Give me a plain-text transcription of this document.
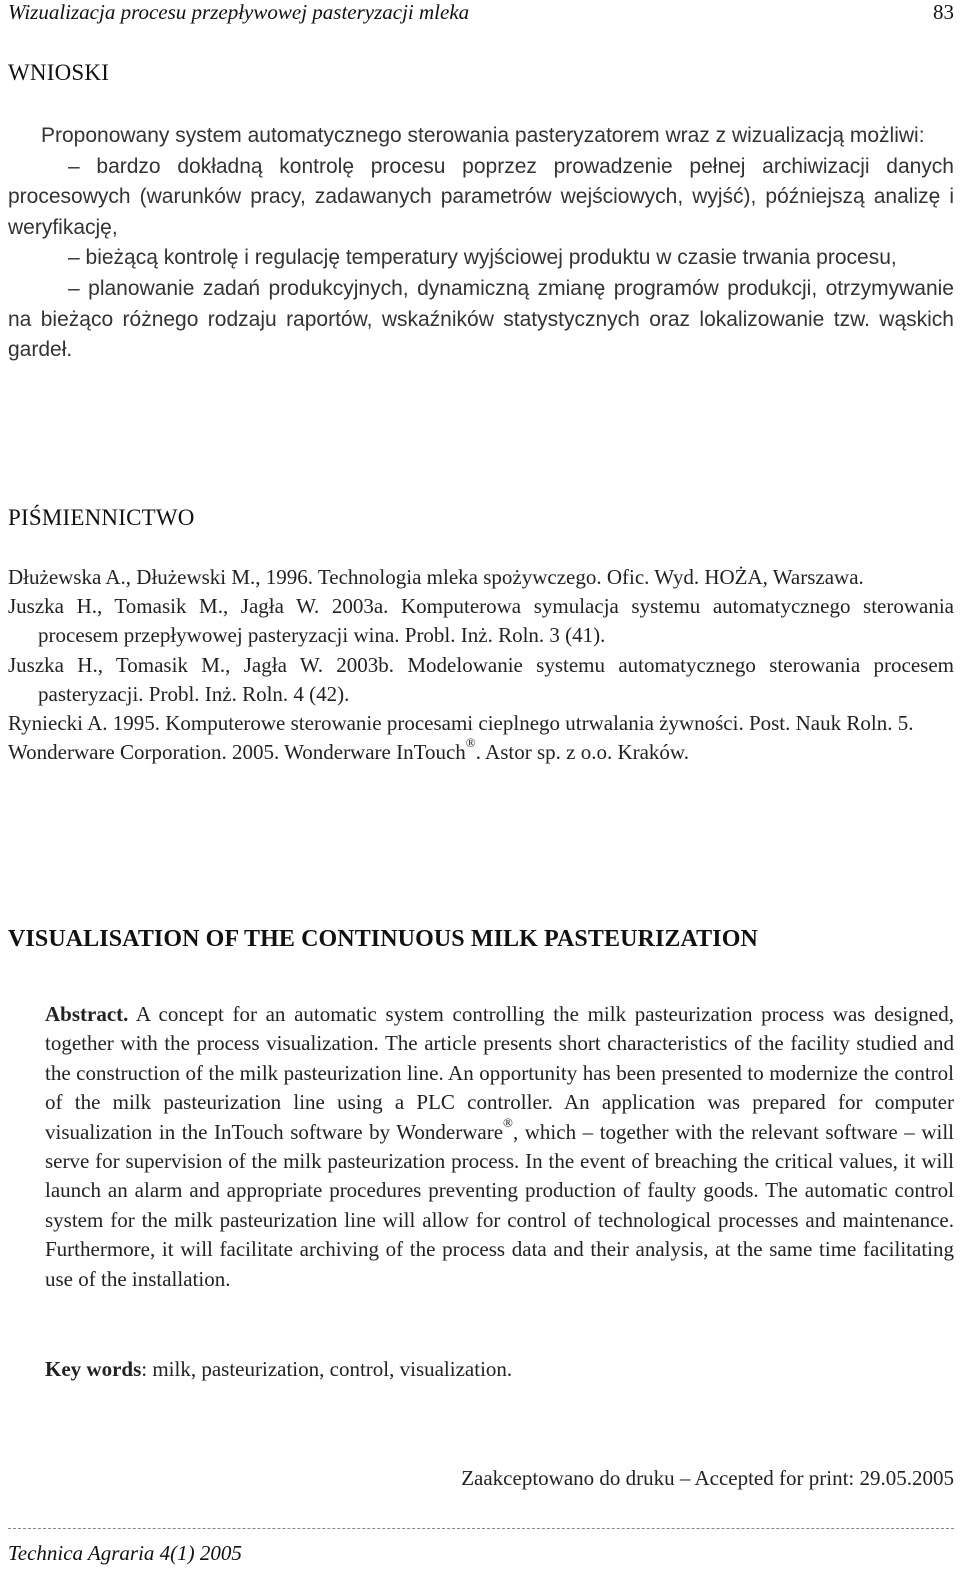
Wizualizacja procesu przepływowej pasteryzacji mleka	83
WNIOSKI
Proponowany system automatycznego sterowania pasteryzatorem wraz z wizualizacją możliwi:
– bardzo dokładną kontrolę procesu poprzez prowadzenie pełnej archiwizacji danych procesowych (warunków pracy, zadawanych parametrów wejściowych, wyjść), późniejszą analizę i weryfikację,
– bieżącą kontrolę i regulację temperatury wyjściowej produktu w czasie trwania procesu,
– planowanie zadań produkcyjnych, dynamiczną zmianę programów produkcji, otrzymywanie na bieżąco różnego rodzaju raportów, wskaźników statystycznych oraz lokalizowanie tzw. wąskich gardeł.
PIŚMIENNICTWO
Dłużewska A., Dłużewski M., 1996. Technologia mleka spożywczego. Ofic. Wyd. HOŻA, Warszawa.
Juszka H., Tomasik M., Jagła W. 2003a. Komputerowa symulacja systemu automatycznego sterowania procesem przepływowej pasteryzacji wina. Probl. Inż. Roln. 3 (41).
Juszka H., Tomasik M., Jagła W. 2003b. Modelowanie systemu automatycznego sterowania procesem pasteryzacji. Probl. Inż. Roln. 4 (42).
Ryniecki A. 1995. Komputerowe sterowanie procesami cieplnego utrwalania żywności. Post. Nauk Roln. 5.
Wonderware Corporation. 2005. Wonderware InTouch®. Astor sp. z o.o. Kraków.
VISUALISATION OF THE CONTINUOUS MILK PASTEURIZATION
Abstract. A concept for an automatic system controlling the milk pasteurization process was designed, together with the process visualization. The article presents short characteristics of the facility studied and the construction of the milk pasteurization line. An opportunity has been presented to modernize the control of the milk pasteurization line using a PLC controller. An application was prepared for computer visualization in the InTouch software by Wonderware®, which – together with the relevant software – will serve for supervision of the milk pasteurization process. In the event of breaching the critical values, it will launch an alarm and appropriate procedures preventing production of faulty goods. The automatic control system for the milk pasteurization line will allow for control of technological processes and maintenance. Furthermore, it will facilitate archiving of the process data and their analysis, at the same time facilitating use of the installation.
Key words: milk, pasteurization, control, visualization.
Zaakceptowano do druku – Accepted for print: 29.05.2005
Technica Agraria 4(1) 2005
